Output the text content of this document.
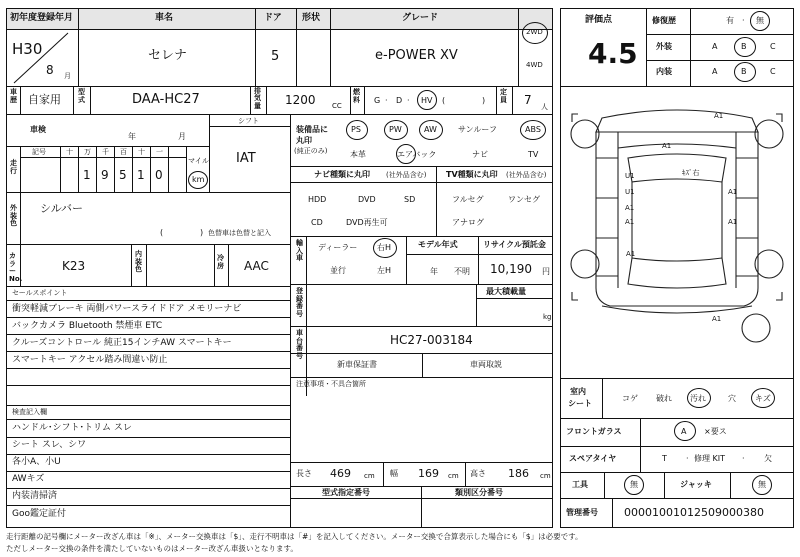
初年度登録年月	車名	ドア 形状	グレード
H30
8 月
セレナ	5	e-POWER XV
2WD
4WD
車歴 自家用
型式	DAA-HC27
排気量 1200 CC
燃料 G · D · HV (	)
定員 7 人
車検
年	月
シフト
IAT
走行
記号	十 万 千 百 十 一
1 9 5 1 0
マイル
km
外装色
シルバー
(	) 色替車は色替と記入
カラーNo.
K23
内装色
冷房 AAC
セールスポイント
衝突軽減ブレーキ 両側パワースライドドア メモリーナビ
バックカメラ Bluetooth 禁煙車 ETC
クルーズコントロール 純正15インチAW スマートキー
スマートキー アクセル踏み間違い防止
検査記入欄
ハンドル･シフト･トリム スレ
シート スレ、シワ
各小A、小U
AWキズ
内装清掃済
Goo鑑定証付
装備品に
丸印
(純正のみ)
PS	PW	AW	サンルーフ	ABS
本革	エアバック	ナビ	TV
ナビ種類に丸印 (社外品含む) TV種類に丸印 (社外品含む)
HDD	DVD	SD
CD	DVD再生可
フルセグ	ワンセグ
アナログ
輸入車
ディーラー
並行
右H
左H
モデル年式
年 不明
リサイクル預託金
10,190 円
登録番号
最大積載量
kg
車台番号
HC27-003184
新車保証書	車両取説
注意事項・不具合箇所
長さ 469 cm 幅 169 cm 高さ 186 cm
型式指定番号	類別区分番号
評価点
4.5
修復歴	有 · 無
外装	A	B	C
内装	A	B	C
A1
A1
U1
U1
A1
A1
A1
A1
A1
A1
ｷｽﾞ右
室内
シート
コゲ 破れ 汚れ	穴 キズ
フロントガラス	A ×要ス
スペアタイヤ	T · 修理 KIT · 欠
工具	無	ジャッキ	無
管理番号 00001001012509000380
走行距離の記号欄にメーター改ざん車は「※」、メーター交換車は「$」、走行不明車は「#」を記入してください。メーター交換で合算表示した場合にも「$」は必要です。
ただしメーター交換の条件を満たしていないものはメーター改ざん車扱いとなります。
